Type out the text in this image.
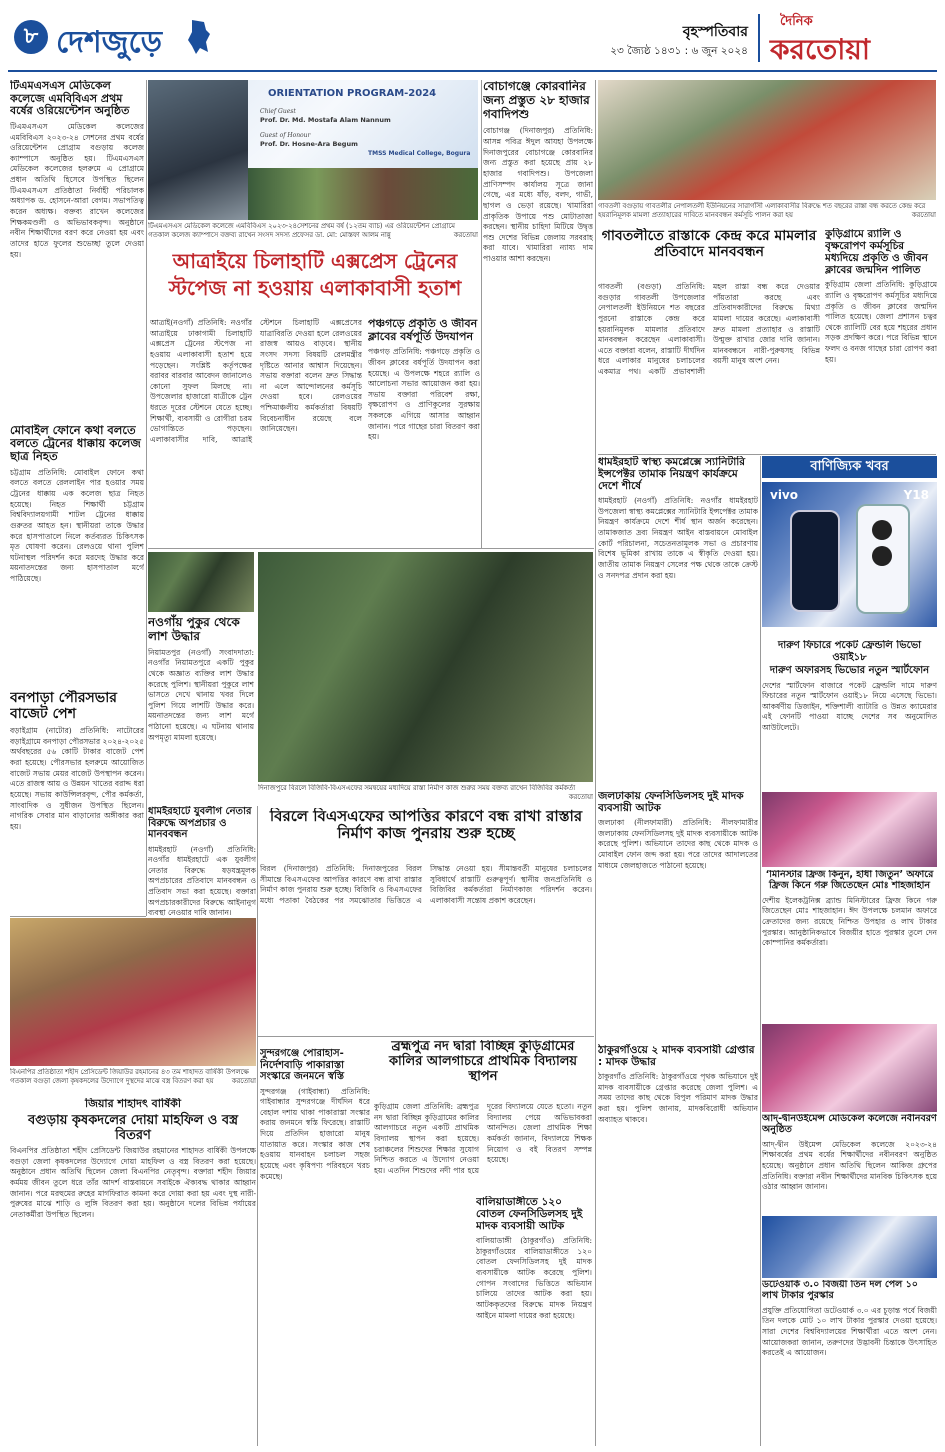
৮ দেশজুড়ে	বৃহস্পতিবার
২৩ জ্যৈষ্ঠ ১৪৩১ : ৬ জুন ২০২৪
দৈনিক
করতোয়া
টিএমএসএস মেডিকেল কলেজে এমবিবিএস প্রথম বর্ষের ওরিয়েন্টেশন অনুষ্ঠিত
টিএমএসএস মেডিকেল কলেজের এমবিবিএস ২০২৩-২৪ সেশনের প্রথম বর্ষের ওরিয়েন্টেশন প্রোগ্রাম বগুড়ায় কলেজ ক্যাম্পাসে অনুষ্ঠিত হয়। টিএমএসএস মেডিকেল কলেজের হলরুমে এ প্রোগ্রামে প্রধান অতিথি হিসেবে উপস্থিত ছিলেন টিএমএসএস প্রতিষ্ঠাতা নির্বাহী পরিচালক অধ্যাপক ড. হোসনে-আরা বেগম। সভাপতিত্ব করেন অধ্যক্ষ। বক্তব্য রাখেন কলেজের শিক্ষকমণ্ডলী ও অভিভাবকবৃন্দ। অনুষ্ঠানে নবীন শিক্ষার্থীদের বরণ করে নেওয়া হয় এবং তাদের হাতে ফুলের শুভেচ্ছা তুলে দেওয়া হয়।
মোবাইল ফোনে কথা বলতে বলতে ট্রেনের ধাক্কায় কলেজ ছাত্র নিহত
চট্টগ্রাম প্রতিনিধি: মোবাইল ফোনে কথা বলতে বলতে রেললাইন পার হওয়ার সময় ট্রেনের ধাক্কায় এক কলেজ ছাত্র নিহত হয়েছে। নিহত শিক্ষার্থী চট্টগ্রাম বিশ্ববিদ্যালয়গামী শাটল ট্রেনের ধাক্কায় গুরুতর আহত হন। স্থানীয়রা তাকে উদ্ধার করে হাসপাতালে নিলে কর্তব্যরত চিকিৎসক মৃত ঘোষণা করেন। রেলওয়ে থানা পুলিশ ঘটনাস্থল পরিদর্শন করে মরদেহ উদ্ধার করে ময়নাতদন্তের জন্য হাসপাতাল মর্গে পাঠিয়েছে।
বনপাড়া পৌরসভার বাজেট পেশ
বড়াইগ্রাম (নাটোর) প্রতিনিধি: নাটোরের বড়াইগ্রামে বনপাড়া পৌরসভার ২০২৪-২০২৫ অর্থবছরের ৫৬ কোটি টাকার বাজেট পেশ করা হয়েছে। পৌরসভার হলরুমে আয়োজিত বাজেট সভায় মেয়র বাজেট উপস্থাপন করেন। এতে রাজস্ব আয় ও উন্নয়ন খাতের বরাদ্দ ধরা হয়েছে। সভায় কাউন্সিলরবৃন্দ, পৌর কর্মকর্তা, সাংবাদিক ও সুধীজন উপস্থিত ছিলেন। নাগরিক সেবার মান বাড়ানোর অঙ্গীকার করা হয়।
ORIENTATION PROGRAM-2024
Chief Guest
Prof. Dr. Md. Mostafa Alam Nannum
Guest of Honour
Prof. Dr. Hosne-Ara Begum
TMSS Medical College, Bogura
টিএমএসএস মেডিকেল কলেজে এমবিবিএস ২০২৩-২৪সেশনের প্রথম বর্ষ (১২তম ব্যাচ) এর ওরিয়েন্টেশন প্রোগ্রামে গতকাল কলেজ ক্যাম্পাসে বক্তব্য রাখেন সংসদ সদস্য প্রফেসর ডা. মো: মোস্তফা আলম নান্নু	করতোয়া
আত্রাইয়ে চিলাহাটি এক্সপ্রেস ট্রেনের
স্টপেজ না হওয়ায় এলাকাবাসী হতাশ
আত্রাই(নওগাঁ) প্রতিনিধি: নওগাঁর আত্রাইয়ে ঢাকাগামী চিলাহাটি এক্সপ্রেস ট্রেনের স্টপেজ না হওয়ায় এলাকাবাসী হতাশ হয়ে পড়েছেন। সংশ্লিষ্ট কর্তৃপক্ষের বরাবর বারবার আবেদন জানালেও কোনো সুফল মিলছে না। উপজেলার হাজারো যাত্রীকে ট্রেন ধরতে দূরের স্টেশনে যেতে হচ্ছে। শিক্ষার্থী, ব্যবসায়ী ও রোগীরা চরম ভোগান্তিতে পড়ছেন। এলাকাবাসীর দাবি, আত্রাই স্টেশনে চিলাহাটি এক্সপ্রেসের যাত্রাবিরতি দেওয়া হলে রেলওয়ের রাজস্ব আয়ও বাড়বে। স্থানীয় সংসদ সদস্য বিষয়টি রেলমন্ত্রীর দৃষ্টিতে আনার আশ্বাস দিয়েছেন। সভায় বক্তারা বলেন দ্রুত সিদ্ধান্ত না এলে আন্দোলনের কর্মসূচি দেওয়া হবে। রেলওয়ের পশ্চিমাঞ্চলীয় কর্মকর্তারা বিষয়টি বিবেচনাধীন রয়েছে বলে জানিয়েছেন।
পঞ্চগড়ে প্রকৃতি ও জীবন ক্লাবের বর্ষপূর্তি উদযাপন
পঞ্চগড় প্রতিনিধি: পঞ্চগড়ে প্রকৃতি ও জীবন ক্লাবের বর্ষপূর্তি উদযাপন করা হয়েছে। এ উপলক্ষে শহরে র‍্যালি ও আলোচনা সভার আয়োজন করা হয়। সভায় বক্তারা পরিবেশ রক্ষা, বৃক্ষরোপণ ও প্রাণিকুলের সুরক্ষায় সকলকে এগিয়ে আসার আহ্বান জানান। পরে গাছের চারা বিতরণ করা হয়।
বোচাগঞ্জে কোরবানির জন্য প্রস্তুত ২৮ হাজার গবাদিপশু
বোচাগঞ্জ (দিনাজপুর) প্রতিনিধি: আসন্ন পবিত্র ঈদুল আযহা উপলক্ষে দিনাজপুরের বোচাগঞ্জে কোরবানির জন্য প্রস্তুত করা হয়েছে প্রায় ২৮ হাজার গবাদিপশু। উপজেলা প্রাণিসম্পদ কার্যালয় সূত্রে জানা গেছে, এর মধ্যে ষাঁড়, বলদ, গাভী, ছাগল ও ভেড়া রয়েছে। খামারিরা প্রাকৃতিক উপায়ে পশু মোটাতাজা করছেন। স্থানীয় চাহিদা মিটিয়ে উদ্বৃত্ত পশু দেশের বিভিন্ন জেলায় সরবরাহ করা যাবে। খামারিরা ন্যায্য দাম পাওয়ার আশা করছেন।
গাবতলী বগুড়ায় গাবতলীর নেপালতলী ইউনিয়নের সারাগাঁসী এলাকাবাসীর বিরুদ্ধে শত বছরের রাস্তা বন্ধ করতে কেন্দ্র করে হয়রানিমূলক মামলা প্রত্যাহারের দাবিতে মানববন্ধন কর্মসূচি পালন করা হয়	করতোয়া
গাবতলীতে রাস্তাকে কেন্দ্র করে মামলার প্রতিবাদে মানববন্ধন
গাবতলী (বগুড়া) প্রতিনিধি: বগুড়ার গাবতলী উপজেলার নেপালতলী ইউনিয়নে শত বছরের পুরনো রাস্তাকে কেন্দ্র করে হয়রানিমূলক মামলার প্রতিবাদে মানববন্ধন করেছেন এলাকাবাসী। এতে বক্তারা বলেন, রাস্তাটি দীর্ঘদিন ধরে এলাকার মানুষের চলাচলের একমাত্র পথ। একটি প্রভাবশালী মহল রাস্তা বন্ধ করে দেওয়ার পাঁয়তারা করছে এবং প্রতিবাদকারীদের বিরুদ্ধে মিথ্যা মামলা দায়ের করেছে। এলাকাবাসী দ্রুত মামলা প্রত্যাহার ও রাস্তাটি উন্মুক্ত রাখার জোর দাবি জানান। মানববন্ধনে নারী-পুরুষসহ বিভিন্ন বয়সী মানুষ অংশ নেন।
কুড়িগ্রামে র‍্যালি ও বৃক্ষরোপণ কর্মসূচির মধ্যদিয়ে প্রকৃতি ও জীবন ক্লাবের জন্মদিন পালিত
কুড়িগ্রাম জেলা প্রতিনিধি: কুড়িগ্রামে র‍্যালি ও বৃক্ষরোপণ কর্মসূচির মধ্যদিয়ে প্রকৃতি ও জীবন ক্লাবের জন্মদিন পালিত হয়েছে। জেলা প্রশাসন চত্বর থেকে র‍্যালিটি বের হয়ে শহরের প্রধান সড়ক প্রদক্ষিণ করে। পরে বিভিন্ন স্থানে ফলদ ও বনজ গাছের চারা রোপণ করা হয়।
ধামইরহাট স্বাস্থ্য কমপ্লেক্সে স্যানিটারি ইন্সপেক্টর তামাক নিয়ন্ত্রণ কার্যক্রমে দেশে শীর্ষে
ধামইরহাট (নওগাঁ) প্রতিনিধি: নওগাঁর ধামইরহাট উপজেলা স্বাস্থ্য কমপ্লেক্সের স্যানিটারি ইন্সপেক্টর তামাক নিয়ন্ত্রণ কার্যক্রমে দেশে শীর্ষ স্থান অর্জন করেছেন। তামাকজাত দ্রব্য নিয়ন্ত্রণ আইন বাস্তবায়নে মোবাইল কোর্ট পরিচালনা, সচেতনতামূলক সভা ও প্রচারণায় বিশেষ ভূমিকা রাখায় তাকে এ স্বীকৃতি দেওয়া হয়। জাতীয় তামাক নিয়ন্ত্রণ সেলের পক্ষ থেকে তাকে ক্রেস্ট ও সনদপত্র প্রদান করা হয়।
বাণিজ্যিক খবর
vivo	Y18
দারুণ ফিচারে পকেট ফ্রেন্ডলি ভিভো ওয়াই১৮
দারুণ অফারসহ ভিভোর নতুন স্মার্টফোন
দেশের স্মার্টফোন বাজারে পকেট ফ্রেন্ডলি দামে দারুণ ফিচারের নতুন স্মার্টফোন ওয়াই১৮ নিয়ে এসেছে ভিভো। আকর্ষণীয় ডিজাইন, শক্তিশালী ব্যাটারি ও উন্নত ক্যামেরার এই ফোনটি পাওয়া যাচ্ছে দেশের সব অনুমোদিত আউটলেটে।
‘মিনিস্টার ফ্রিজ কিনুন, হাঁধা জিতুন’ অফারে ফ্রিজ কিনে গরু জিতেছেন মোঃ শাহজাহান
দেশীয় ইলেকট্রনিক্স ব্র্যান্ড মিনিস্টারের ফ্রিজ কিনে গরু জিতেছেন মোঃ শাহজাহান। ঈদ উপলক্ষে চলমান অফারে ক্রেতাদের জন্য রয়েছে নিশ্চিত উপহার ও লাখ টাকার পুরস্কার। আনুষ্ঠানিকভাবে বিজয়ীর হাতে পুরস্কার তুলে দেন কোম্পানির কর্মকর্তারা।
আদ্-দ্বীনউইমেন্স মেডিকেল কলেজে নবীনবরণ অনুষ্ঠিত
আদ্-দ্বীন উইমেন্স মেডিকেল কলেজে ২০২৩-২৪ শিক্ষাবর্ষের প্রথম বর্ষের শিক্ষার্থীদের নবীনবরণ অনুষ্ঠিত হয়েছে। অনুষ্ঠানে প্রধান অতিথি ছিলেন আকিজ গ্রুপের প্রতিনিধি। বক্তারা নবীন শিক্ষার্থীদের মানবিক চিকিৎসক হয়ে ওঠার আহ্বান জানান।
ডটেওয়ার্ক ৩.০ বিজয়ী তিন দল পেল ১০ লাখ টাকার পুরস্কার
প্রযুক্তি প্রতিযোগিতা ডটেওয়ার্ক ৩.০ এর চূড়ান্ত পর্বে বিজয়ী তিন দলকে মোট ১০ লাখ টাকার পুরস্কার দেওয়া হয়েছে। সারা দেশের বিশ্ববিদ্যালয়ের শিক্ষার্থীরা এতে অংশ নেন। আয়োজকরা জানান, তরুণদের উদ্ভাবনী চিন্তাকে উৎসাহিত করতেই এ আয়োজন।
নওগাঁয় পুকুর থেকে লাশ উদ্ধার
নিয়ামতপুর (নওগাঁ) সংবাদদাতা: নওগাঁর নিয়ামতপুরে একটি পুকুর থেকে অজ্ঞাত ব্যক্তির লাশ উদ্ধার করেছে পুলিশ। স্থানীয়রা পুকুরে লাশ ভাসতে দেখে থানায় খবর দিলে পুলিশ গিয়ে লাশটি উদ্ধার করে। ময়নাতদন্তের জন্য লাশ মর্গে পাঠানো হয়েছে। এ ঘটনায় থানায় অপমৃত্যু মামলা হয়েছে।
দিনাজপুরে বিরলে বিজিবি-বিএসএফের সমন্বয়ের মধ্যদিয়ে রাস্তা নির্মাণ কাজ শুরুর সময় বক্তব্য রাখেন বিজিবির কর্মকর্তা
করতোয়া
ধামইরহাটে যুবলীগ নেতার বিরুদ্ধে অপপ্রচার ও মানববন্ধন
ধামইরহাট (নওগাঁ) প্রতিনিধি: নওগাঁর ধামইরহাটে এক যুবলীগ নেতার বিরুদ্ধে ষড়যন্ত্রমূলক অপপ্রচারের প্রতিবাদে মানববন্ধন ও প্রতিবাদ সভা করা হয়েছে। বক্তারা অপপ্রচারকারীদের বিরুদ্ধে আইনানুগ ব্যবস্থা নেওয়ার দাবি জানান।
বিরলে বিএসএফের আপত্তির কারণে বন্ধ রাখা রাস্তার নির্মাণ কাজ পুনরায় শুরু হচ্ছে
বিরল (দিনাজপুর) প্রতিনিধি: দিনাজপুরের বিরল সীমান্তে বিএসএফের আপত্তির কারণে বন্ধ রাখা রাস্তার নির্মাণ কাজ পুনরায় শুরু হচ্ছে। বিজিবি ও বিএসএফের মধ্যে পতাকা বৈঠকের পর সমঝোতার ভিত্তিতে এ সিদ্ধান্ত নেওয়া হয়। সীমান্তবর্তী মানুষের চলাচলের সুবিধার্থে রাস্তাটি গুরুত্বপূর্ণ। স্থানীয় জনপ্রতিনিধি ও বিজিবির কর্মকর্তারা নির্মাণকাজ পরিদর্শন করেন। এলাকাবাসী সন্তোষ প্রকাশ করেছেন।
জলঢাকায় ফেনসিডিলসহ দুই মাদক ব্যবসায়ী আটক
জলঢাকা (নীলফামারী) প্রতিনিধি: নীলফামারীর জলঢাকায় ফেনসিডিলসহ দুই মাদক ব্যবসায়ীকে আটক করেছে পুলিশ। অভিযানে তাদের কাছ থেকে মাদক ও মোবাইল ফোন জব্দ করা হয়। পরে তাদের আদালতের মাধ্যমে জেলহাজতে পাঠানো হয়েছে।
বিএনপির প্রতিষ্ঠাতা শহীদ প্রেসিডেন্ট জিয়াউর রহমানের ৪৩ তম শাহাদত বার্ষিকী উপলক্ষে গতকাল বগুড়া জেলা কৃষকদলের উদ্যোগে দুস্থদের মাঝে বস্ত্র বিতরণ করা হয়	করতোয়া
জিয়ার শাহাদৎ বার্ষিকী
বগুড়ায় কৃষকদলের দোয়া মাহফিল ও বস্ত্র বিতরণ
বিএনপির প্রতিষ্ঠাতা শহীদ প্রেসিডেন্ট জিয়াউর রহমানের শাহাদত বার্ষিকী উপলক্ষে বগুড়া জেলা কৃষকদলের উদ্যোগে দোয়া মাহফিল ও বস্ত্র বিতরণ করা হয়েছে। অনুষ্ঠানে প্রধান অতিথি ছিলেন জেলা বিএনপির নেতৃবৃন্দ। বক্তারা শহীদ জিয়ার কর্মময় জীবন তুলে ধরে তাঁর আদর্শ বাস্তবায়নে সবাইকে ঐক্যবদ্ধ থাকার আহ্বান জানান। পরে মরহুমের রুহের মাগফিরাত কামনা করে দোয়া করা হয় এবং দুস্থ নারী-পুরুষের মাঝে শাড়ি ও লুঙ্গি বিতরণ করা হয়। অনুষ্ঠানে দলের বিভিন্ন পর্যায়ের নেতাকর্মীরা উপস্থিত ছিলেন।
সুন্দরগঞ্জে পোরাহাস-নির্দেশবাড়ি পাকারাস্তা সংস্কারে জনমনে স্বস্তি
সুন্দরগঞ্জ (গাইবান্ধা) প্রতিনিধি: গাইবান্ধার সুন্দরগঞ্জে দীর্ঘদিন ধরে বেহাল দশায় থাকা পাকারাস্তা সংস্কার করায় জনমনে স্বস্তি ফিরেছে। রাস্তাটি দিয়ে প্রতিদিন হাজারো মানুষ যাতায়াত করে। সংস্কার কাজ শেষ হওয়ায় যানবাহন চলাচল সহজ হয়েছে এবং কৃষিপণ্য পরিবহনে খরচ কমেছে।
ব্রহ্মপুত্র নদ দ্বারা বিচ্ছিন্ন কুড়িগ্রামের কালির আলগাচরে প্রাথমিক বিদ্যালয় স্থাপন
কুড়িগ্রাম জেলা প্রতিনিধি: ব্রহ্মপুত্র নদ দ্বারা বিচ্ছিন্ন কুড়িগ্রামের কালির আলগাচরে নতুন একটি প্রাথমিক বিদ্যালয় স্থাপন করা হয়েছে। চরাঞ্চলের শিশুদের শিক্ষার সুযোগ নিশ্চিত করতে এ উদ্যোগ নেওয়া হয়। এতদিন শিশুদের নদী পার হয়ে দূরের বিদ্যালয়ে যেতে হতো। নতুন বিদ্যালয় পেয়ে অভিভাবকরা আনন্দিত। জেলা প্রাথমিক শিক্ষা কর্মকর্তা জানান, বিদ্যালয়ে শিক্ষক নিয়োগ ও বই বিতরণ সম্পন্ন হয়েছে।
বালিয়াডাঙ্গীতে ১২০ বোতল ফেনসিডিলসহ দুই মাদক ব্যবসায়ী আটক
বালিয়াডাঙ্গী (ঠাকুরগাঁও) প্রতিনিধি: ঠাকুরগাঁওয়ের বালিয়াডাঙ্গীতে ১২০ বোতল ফেনসিডিলসহ দুই মাদক ব্যবসায়ীকে আটক করেছে পুলিশ। গোপন সংবাদের ভিত্তিতে অভিযান চালিয়ে তাদের আটক করা হয়। আটককৃতদের বিরুদ্ধে মাদক নিয়ন্ত্রণ আইনে মামলা দায়ের করা হয়েছে।
ঠাকুরগাঁওয়ে ২ মাদক ব্যবসায়ী গ্রেপ্তার : মাদক উদ্ধার
ঠাকুরগাঁও প্রতিনিধি: ঠাকুরগাঁওয়ে পৃথক অভিযানে দুই মাদক ব্যবসায়ীকে গ্রেপ্তার করেছে জেলা পুলিশ। এ সময় তাদের কাছ থেকে বিপুল পরিমাণ মাদক উদ্ধার করা হয়। পুলিশ জানায়, মাদকবিরোধী অভিযান অব্যাহত থাকবে।
